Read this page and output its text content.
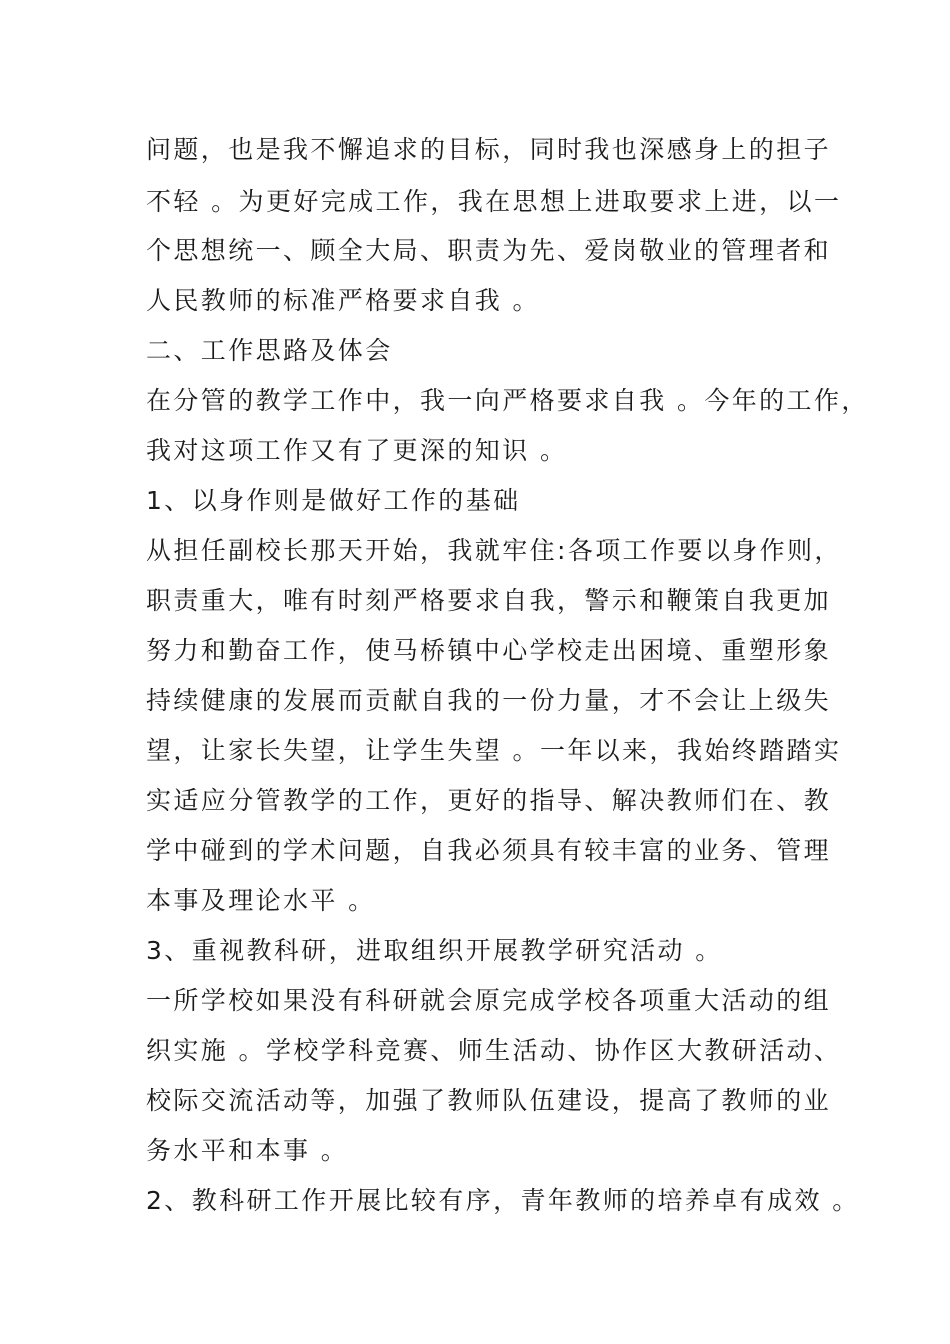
问题，也是我不懈追求的目标，同时我也深感身上的担子
不轻 。为更好完成工作，我在思想上进取要求上进，以一
个思想统一、顾全大局、职责为先、爱岗敬业的管理者和
人民教师的标准严格要求自我 。
二、工作思路及体会
在分管的教学工作中，我一向严格要求自我 。今年的工作，
我对这项工作又有了更深的知识 。
1、以身作则是做好工作的基础
从担任副校长那天开始，我就牢住:各项工作要以身作则，
职责重大，唯有时刻严格要求自我，警示和鞭策自我更加
努力和勤奋工作，使马桥镇中心学校走出困境、重塑形象
持续健康的发展而贡献自我的一份力量，才不会让上级失
望，让家长失望，让学生失望 。一年以来，我始终踏踏实
实适应分管教学的工作，更好的指导、解决教师们在、教
学中碰到的学术问题，自我必须具有较丰富的业务、管理
本事及理论水平 。
3、重视教科研，进取组织开展教学研究活动 。
一所学校如果没有科研就会原完成学校各项重大活动的组
织实施 。学校学科竞赛、师生活动、协作区大教研活动、
校际交流活动等，加强了教师队伍建设，提高了教师的业
务水平和本事 。
2、教科研工作开展比较有序，青年教师的培养卓有成效 。
